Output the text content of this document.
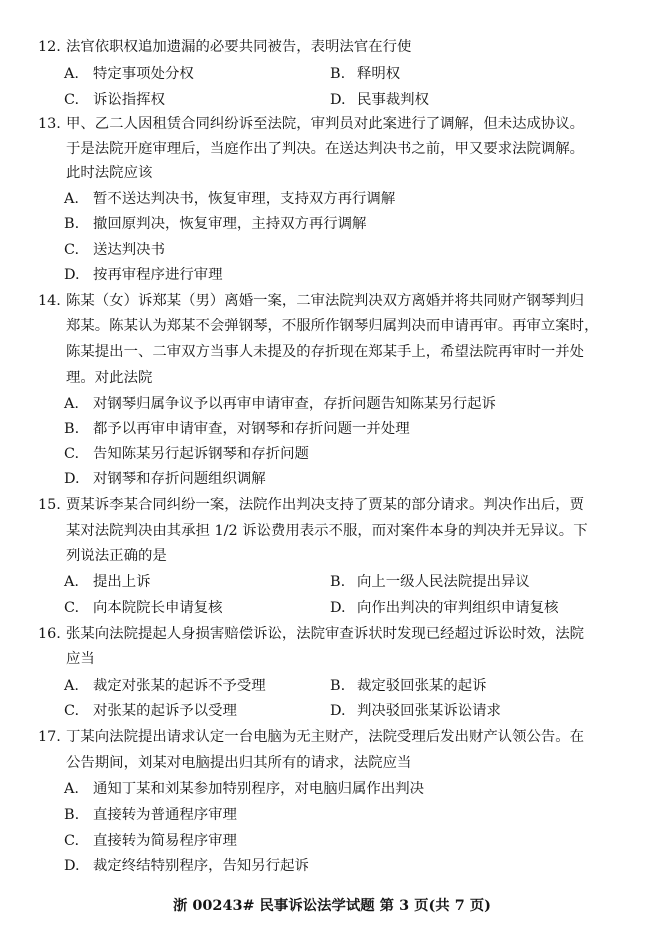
12. 法官依职权追加遗漏的必要共同被告，表明法官在行使
A. 特定事项处分权	B. 释明权
C. 诉讼指挥权	D. 民事裁判权
13. 甲、乙二人因租赁合同纠纷诉至法院，审判员对此案进行了调解，但未达成协议。
于是法院开庭审理后，当庭作出了判决。在送达判决书之前，甲又要求法院调解。
此时法院应该
A. 暂不送达判决书，恢复审理，支持双方再行调解
B. 撤回原判决，恢复审理，主持双方再行调解
C. 送达判决书
D. 按再审程序进行审理
14. 陈某（女）诉郑某（男）离婚一案，二审法院判决双方离婚并将共同财产钢琴判归
郑某。陈某认为郑某不会弹钢琴，不服所作钢琴归属判决而申请再审。再审立案时，
陈某提出一、二审双方当事人未提及的存折现在郑某手上，希望法院再审时一并处
理。对此法院
A. 对钢琴归属争议予以再审申请审查，存折问题告知陈某另行起诉
B. 都予以再审申请审查，对钢琴和存折问题一并处理
C. 告知陈某另行起诉钢琴和存折问题
D. 对钢琴和存折问题组织调解
15. 贾某诉李某合同纠纷一案，法院作出判决支持了贾某的部分请求。判决作出后，贾
某对法院判决由其承担 1/2 诉讼费用表示不服，而对案件本身的判决并无异议。下
列说法正确的是
A. 提出上诉	B. 向上一级人民法院提出异议
C. 向本院院长申请复核	D. 向作出判决的审判组织申请复核
16. 张某向法院提起人身损害赔偿诉讼，法院审查诉状时发现已经超过诉讼时效，法院
应当
A. 裁定对张某的起诉不予受理	B. 裁定驳回张某的起诉
C. 对张某的起诉予以受理	D. 判决驳回张某诉讼请求
17. 丁某向法院提出请求认定一台电脑为无主财产，法院受理后发出财产认领公告。在
公告期间，刘某对电脑提出归其所有的请求，法院应当
A. 通知丁某和刘某参加特别程序，对电脑归属作出判决
B. 直接转为普通程序审理
C. 直接转为简易程序审理
D. 裁定终结特别程序，告知另行起诉
浙 00243# 民事诉讼法学试题 第 3 页(共 7 页)
